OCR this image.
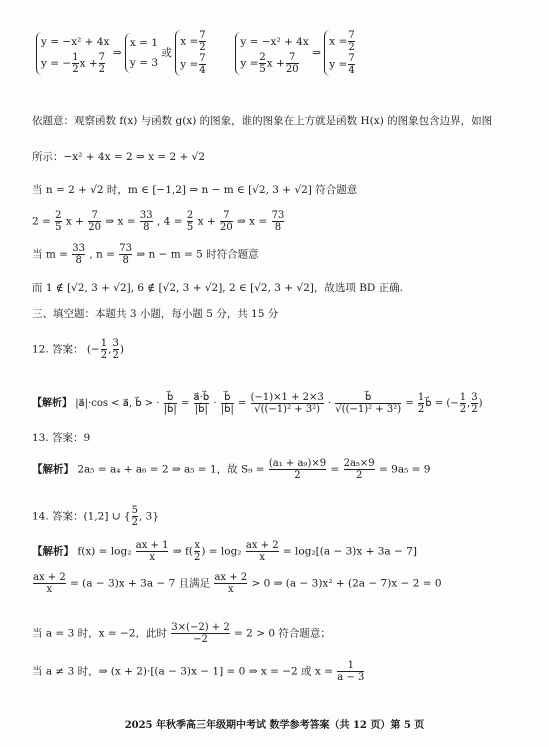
y = −x² + 4x
y = − $\frac{1}{2}$ $x + \frac{7}{2}$ ⇒
x = 1
y = 3
或
$x = \frac{7}{2}$
$y = \frac{7}{4}$

y = −x² + 4x
$y = \frac{2}{5}$ $x + \frac{7}{20}$ ⇒
$x = \frac{7}{2}$
$y = \frac{7}{4}$
依题意：观察函数 f(x) 与函数 g(x) 的图象，谁的图象在上方就是函数 H(x) 的图象包含边界，如图
所示：−x² + 4x = 2 ⇒ x = 2 + √2
当 n = 2 + √2 时，m ∈ [−1,2] ⇒ n − m ∈ [√2, 3 + √2] 符合题意
$2 = \frac{2}{5}$ $x + \frac{7}{20}$ ⇒ $x = \frac{33}{8}$ , $4 = \frac{2}{5}$ $x + \frac{7}{20}$ ⇒ $x = \frac{73}{8}$
当 $m = \frac{33}{8}$ , $n = \frac{73}{8}$ ⇒ n − m = 5 时符合题意
而 1 ∉ [√2, 3 + √2], 6 ∉ [√2, 3 + √2], 2 ∈ [√2, 3 + √2]，故选项 BD 正确.
三、填空题：本题共 3 小题，每小题 5 分，共 15 分
12. 答案： (− $\frac{1}{2}$ , $\frac{3}{2}$ )
【解析】 |a⃗|·cos < a⃗, b⃗ > · $\frac{b⃗}{|b⃗|} = \frac{a⃗\cdot b⃗}{|b⃗|} \cdot \frac{b⃗}{|b⃗|} = \frac{(-1)\times 1 + 2\times 3}{\text{√((−1)² + 3²)}} \cdot \frac{b⃗}{\text{√((−1)² + 3²)}} = \frac{1}{2}$ b⃗ = (− $\frac{1}{2}$ , $\frac{3}{2}$ )
13. 答案：9
【解析】 2a₅ = a₄ + a₆ = 2 ⇒ a₅ = 1，故 $S_9 = \frac{\text{(a₁ + a₉)×9}}{2} = \frac{\text{2a₅×9}}{2} = 9a_5 = 9$
14. 答案：(1,2] ∪ { $\frac{5}{2}$ , 3}
【解析】 $f(x) = \log_2 \frac{ax + 1}{x}$ ⇒ $f( \frac{x}{2}$ ) = $\log_2 \frac{ax + 2}{x} = \log_2[(a - 3)x + 3a - 7]$
$\frac{ax + 2}{x} = (a - 3)x + 3a - 7$ 且满足 $\frac{ax + 2}{x} > 0$ ⇒ (a − 3)x² + (2a − 7)x − 2 = 0
当 a = 3 时，x = −2，此时 $\frac{3\times(-2) + 2}{-2} = 2 > 0$ 符合题意；
当 a ≠ 3 时，⇒ (x + 2)·[(a − 3)x − 1] = 0 ⇒ x = −2 或 $x = \frac{1}{a - 3}$
2025 年秋季高三年级期中考试 数学参考答案（共 12 页）第 5 页
